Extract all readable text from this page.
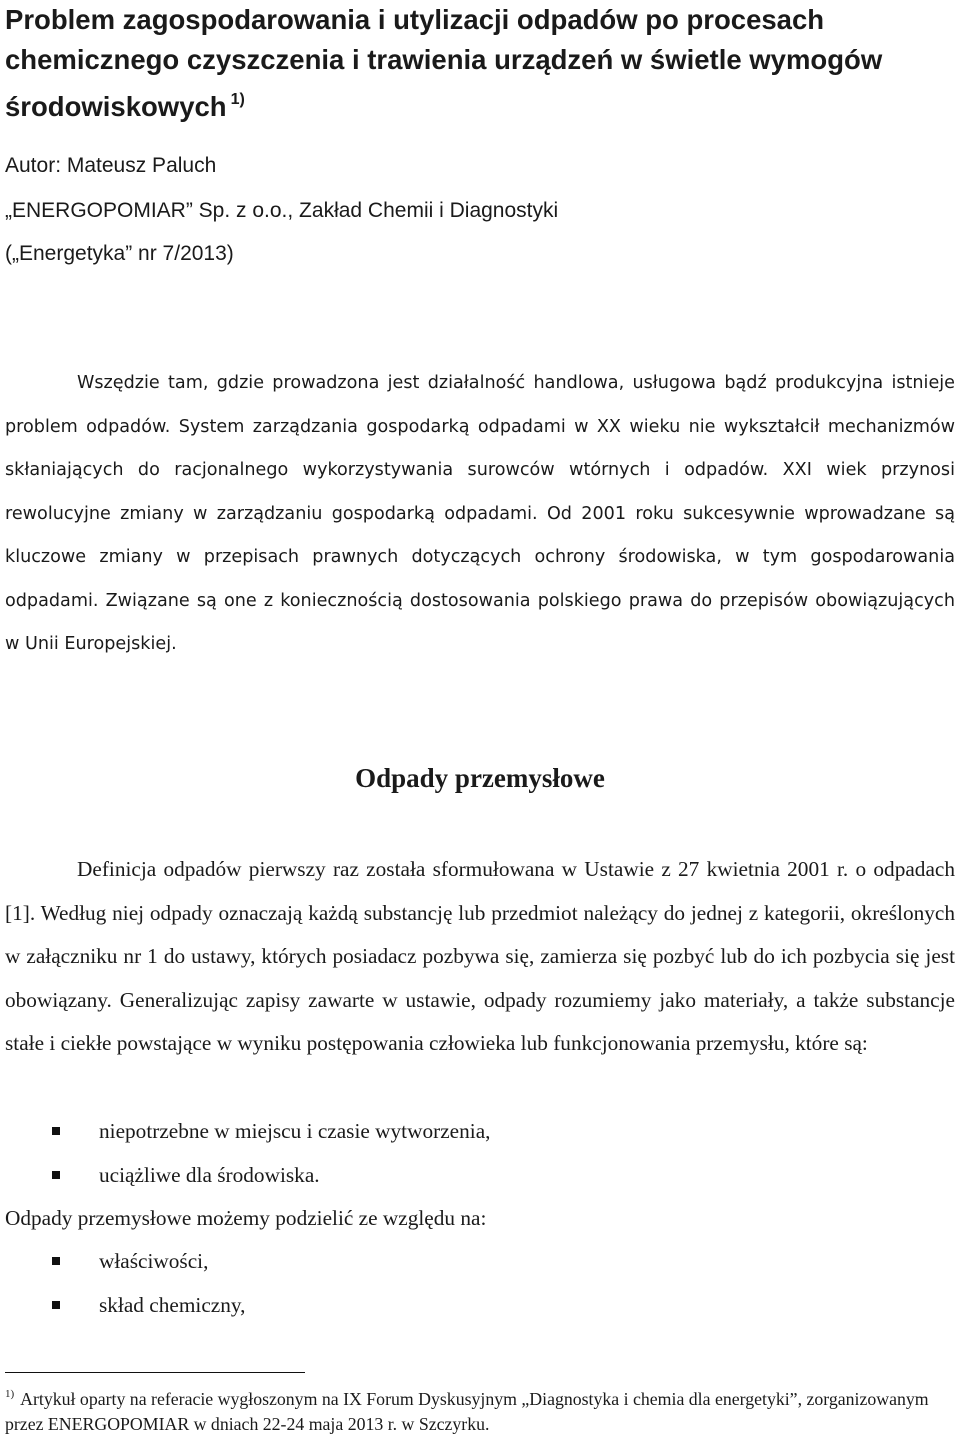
Problem zagospodarowania i utylizacji odpadów po procesach chemicznego czyszczenia i trawienia urządzeń w świetle wymogów środowiskowych $^{1)}$
Autor: Mateusz Paluch
„ENERGOPOMIAR” Sp. z o.o., Zakład Chemii i Diagnostyki
(„Energetyka” nr 7/2013)

Wszędzie tam, gdzie prowadzona jest działalność handlowa, usługowa bądź produkcyjna istnieje problem odpadów. System zarządzania gospodarką odpadami w XX wieku nie wykształcił mechanizmów skłaniających do racjonalnego wykorzystywania surowców wtórnych i odpadów. XXI wiek przynosi rewolucyjne zmiany w zarządzaniu gospodarką odpadami. Od 2001 roku sukcesywnie wprowadzane są kluczowe zmiany w przepisach prawnych dotyczących ochrony środowiska, w tym gospodarowania odpadami. Związane są one z koniecznością dostosowania polskiego prawa do przepisów obowiązujących w Unii Europejskiej.

Odpady przemysłowe

Definicja odpadów pierwszy raz została sformułowana w Ustawie z 27 kwietnia 2001 r. o odpadach [1]. Według niej odpady oznaczają każdą substancję lub przedmiot należący do jednej z kategorii, określonych w załączniku nr 1 do ustawy, których posiadacz pozbywa się, zamierza się pozbyć lub do ich pozbycia się jest obowiązany. Generalizując zapisy zawarte w ustawie, odpady rozumiemy jako materiały, a także substancje stałe i ciekłe powstające w wyniku postępowania człowieka lub funkcjonowania przemysłu, które są:

niepotrzebne w miejscu i czasie wytworzenia,
uciążliwe dla środowiska.

Odpady przemysłowe możemy podzielić ze względu na:

właściwości,
skład chemiczny,
$^{1)}$ Artykuł oparty na referacie wygłoszonym na IX Forum Dyskusyjnym „Diagnostyka i chemia dla energetyki”, zorganizowanym przez ENERGOPOMIAR w dniach 22-24 maja 2013 r. w Szczyrku.
